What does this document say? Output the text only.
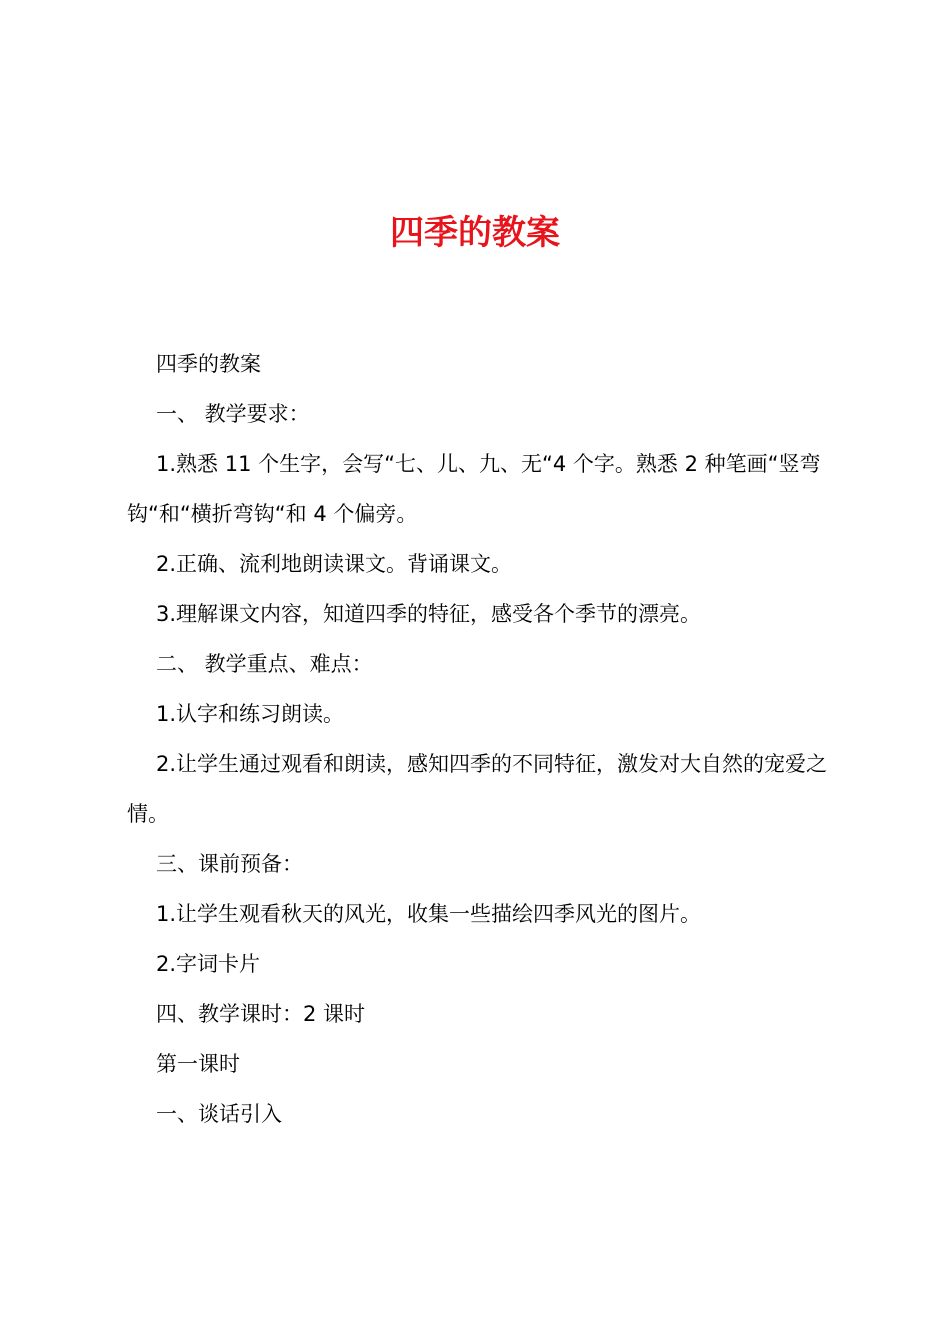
四季的教案

四季的教案

一、 教学要求：

1.熟悉 11 个生字，会写“七、儿、九、无“4 个字。熟悉 2 种笔画“竖弯钩“和“横折弯钩“和 4 个偏旁。

2.正确、流利地朗读课文。背诵课文。

3.理解课文内容，知道四季的特征，感受各个季节的漂亮。

二、 教学重点、难点：

1.认字和练习朗读。

2.让学生通过观看和朗读，感知四季的不同特征，激发对大自然的宠爱之情。

三、课前预备：

1.让学生观看秋天的风光，收集一些描绘四季风光的图片。

2.字词卡片

四、教学课时：2 课时

第一课时

一、谈话引入
